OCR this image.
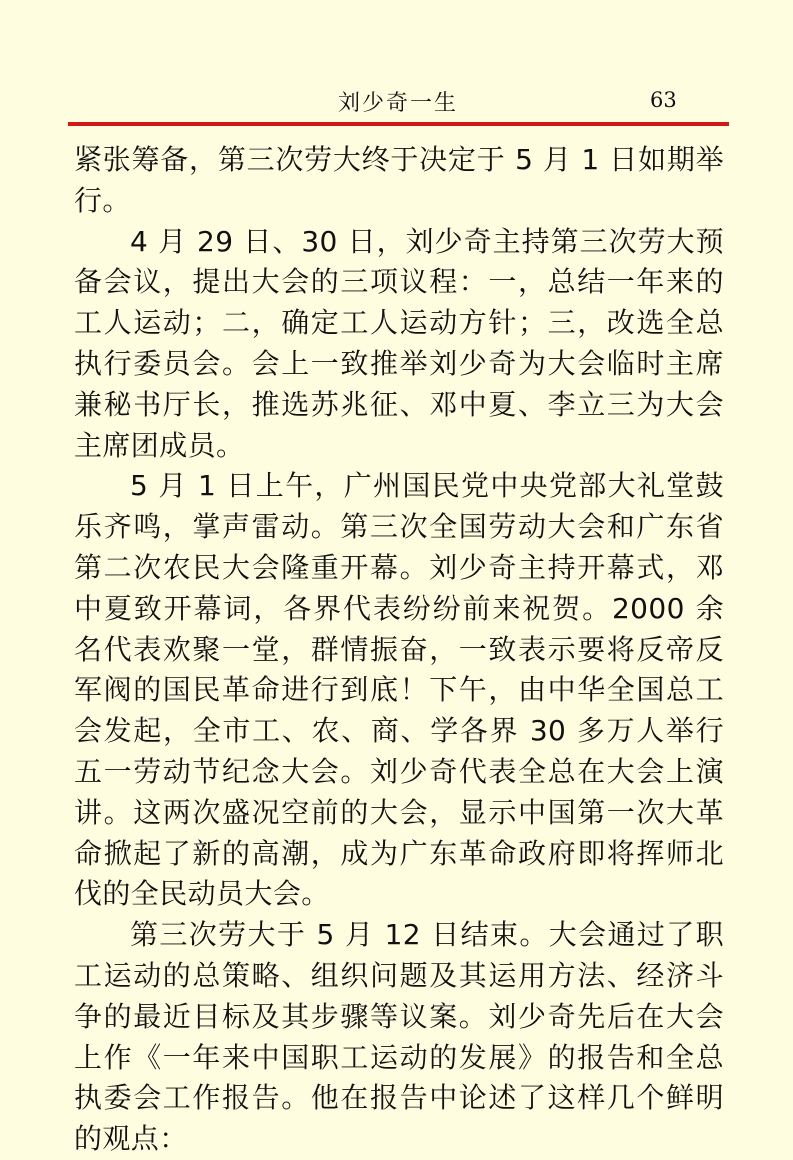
刘少奇一生	63

紧张筹备，第三次劳大终于决定于 5 月 1 日如期举行。

4 月 29 日、30 日，刘少奇主持第三次劳大预备会议，提出大会的三项议程：一，总结一年来的工人运动；二，确定工人运动方针；三，改选全总执行委员会。会上一致推举刘少奇为大会临时主席兼秘书厅长，推选苏兆征、邓中夏、李立三为大会主席团成员。

5 月 1 日上午，广州国民党中央党部大礼堂鼓乐齐鸣，掌声雷动。第三次全国劳动大会和广东省第二次农民大会隆重开幕。刘少奇主持开幕式，邓中夏致开幕词，各界代表纷纷前来祝贺。2000 余名代表欢聚一堂，群情振奋，一致表示要将反帝反军阀的国民革命进行到底！下午，由中华全国总工会发起，全市工、农、商、学各界 30 多万人举行五一劳动节纪念大会。刘少奇代表全总在大会上演讲。这两次盛况空前的大会，显示中国第一次大革命掀起了新的高潮，成为广东革命政府即将挥师北伐的全民动员大会。

第三次劳大于 5 月 12 日结束。大会通过了职工运动的总策略、组织问题及其运用方法、经济斗争的最近目标及其步骤等议案。刘少奇先后在大会上作《一年来中国职工运动的发展》的报告和全总执委会工作报告。他在报告中论述了这样几个鲜明的观点：
